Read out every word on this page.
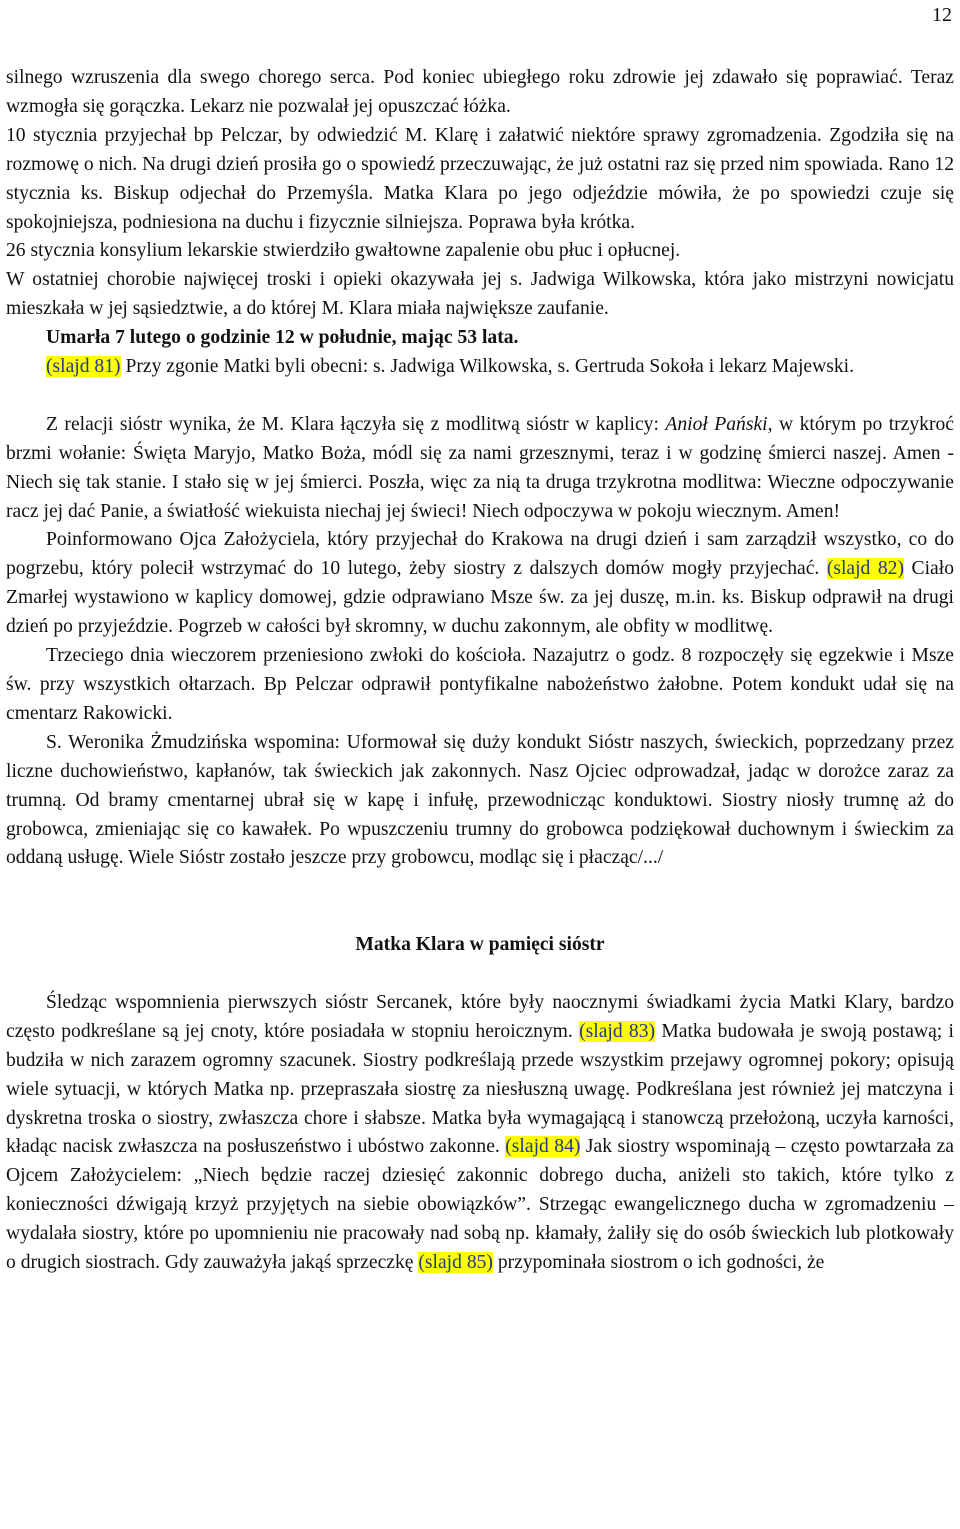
12

silnego wzruszenia dla swego chorego serca. Pod koniec ubiegłego roku zdrowie jej zdawało się poprawiać. Teraz wzmogła się gorączka. Lekarz nie pozwalał jej opuszczać łóżka.

10 stycznia przyjechał bp Pelczar, by odwiedzić M. Klarę i załatwić niektóre sprawy zgromadzenia. Zgodziła się na rozmowę o nich. Na drugi dzień prosiła go o spowiedź przeczuwając, że już ostatni raz się przed nim spowiada. Rano 12 stycznia ks. Biskup odjechał do Przemyśla. Matka Klara po jego odjeździe mówiła, że po spowiedzi czuje się spokojniejsza, podniesiona na duchu i fizycznie silniejsza. Poprawa była krótka.

26 stycznia konsylium lekarskie stwierdziło gwałtowne zapalenie obu płuc i opłucnej.

W ostatniej chorobie najwięcej troski i opieki okazywała jej s. Jadwiga Wilkowska, która jako mistrzyni nowicjatu mieszkała w jej sąsiedztwie, a do której M. Klara miała największe zaufanie.

Umarła 7 lutego o godzinie 12 w południe, mając 53 lata.

(slajd 81) Przy zgonie Matki byli obecni: s. Jadwiga Wilkowska, s. Gertruda Sokoła i lekarz Majewski.

Z relacji sióstr wynika, że M. Klara łączyła się z modlitwą sióstr w kaplicy: Anioł Pański, w którym po trzykroć brzmi wołanie: Święta Maryjo, Matko Boża, módl się za nami grzesznymi, teraz i w godzinę śmierci naszej. Amen - Niech się tak stanie. I stało się w jej śmierci. Poszła, więc za nią ta druga trzykrotna modlitwa: Wieczne odpoczywanie racz jej dać Panie, a światłość wiekuista niechaj jej świeci! Niech odpoczywa w pokoju wiecznym. Amen!

Poinformowano Ojca Założyciela, który przyjechał do Krakowa na drugi dzień i sam zarządził wszystko, co do pogrzebu, który polecił wstrzymać do 10 lutego, żeby siostry z dalszych domów mogły przyjechać. (slajd 82) Ciało Zmarłej wystawiono w kaplicy domowej, gdzie odprawiano Msze św. za jej duszę, m.in. ks. Biskup odprawił na drugi dzień po przyjeździe. Pogrzeb w całości był skromny, w duchu zakonnym, ale obfity w modlitwę.

Trzeciego dnia wieczorem przeniesiono zwłoki do kościoła. Nazajutrz o godz. 8 rozpoczęły się egzekwie i Msze św. przy wszystkich ołtarzach. Bp Pelczar odprawił pontyfikalne nabożeństwo żałobne. Potem kondukt udał się na cmentarz Rakowicki.

S. Weronika Żmudzińska wspomina: Uformował się duży kondukt Sióstr naszych, świeckich, poprzedzany przez liczne duchowieństwo, kapłanów, tak świeckich jak zakonnych. Nasz Ojciec odprowadzał, jadąc w dorożce zaraz za trumną. Od bramy cmentarnej ubrał się w kapę i infułę, przewodnicząc konduktowi. Siostry niosły trumnę aż do grobowca, zmieniając się co kawałek. Po wpuszczeniu trumny do grobowca podziękował duchownym i świeckim za oddaną usługę. Wiele Sióstr zostało jeszcze przy grobowcu, modląc się i płacząc/.../

Matka Klara w pamięci sióstr

Śledząc wspomnienia pierwszych sióstr Sercanek, które były naocznymi świadkami życia Matki Klary, bardzo często podkreślane są jej cnoty, które posiadała w stopniu heroicznym. (slajd 83) Matka budowała je swoją postawą; i budziła w nich zarazem ogromny szacunek. Siostry podkreślają przede wszystkim przejawy ogromnej pokory; opisują wiele sytuacji, w których Matka np. przepraszała siostrę za niesłuszną uwagę. Podkreślana jest również jej matczyna i dyskretna troska o siostry, zwłaszcza chore i słabsze. Matka była wymagającą i stanowczą przełożoną, uczyła karności, kładąc nacisk zwłaszcza na posłuszeństwo i ubóstwo zakonne. (slajd 84) Jak siostry wspominają – często powtarzała za Ojcem Założycielem: „Niech będzie raczej dziesięć zakonnic dobrego ducha, aniżeli sto takich, które tylko z konieczności dźwigają krzyż przyjętych na siebie obowiązków”. Strzegąc ewangelicznego ducha w zgromadzeniu – wydalała siostry, które po upomnieniu nie pracowały nad sobą np. kłamały, żaliły się do osób świeckich lub plotkowały o drugich siostrach. Gdy zauważyła jakąś sprzeczkę (slajd 85) przypominała siostrom o ich godności, że
